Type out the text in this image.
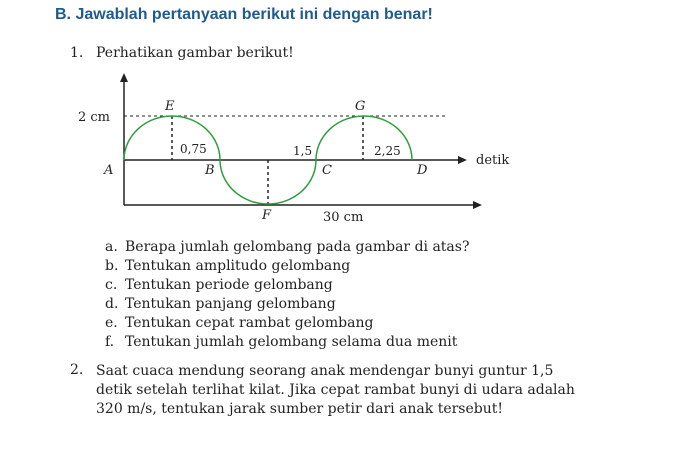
B. Jawablah pertanyaan berikut ini dengan benar!
1. Perhatikan gambar berikut!
2 cm
A
E	G
B	C	D
F
0,75	1,5	2,25
detik
30 cm
a. Berapa jumlah gelombang pada gambar di atas?
b. Tentukan amplitudo gelombang
c. Tentukan periode gelombang
d. Tentukan panjang gelombang
e. Tentukan cepat rambat gelombang
f. Tentukan jumlah gelombang selama dua menit
2. Saat cuaca mendung seorang anak mendengar bunyi guntur 1,5
detik setelah terlihat kilat. Jika cepat rambat bunyi di udara adalah
320 m/s, tentukan jarak sumber petir dari anak tersebut!
